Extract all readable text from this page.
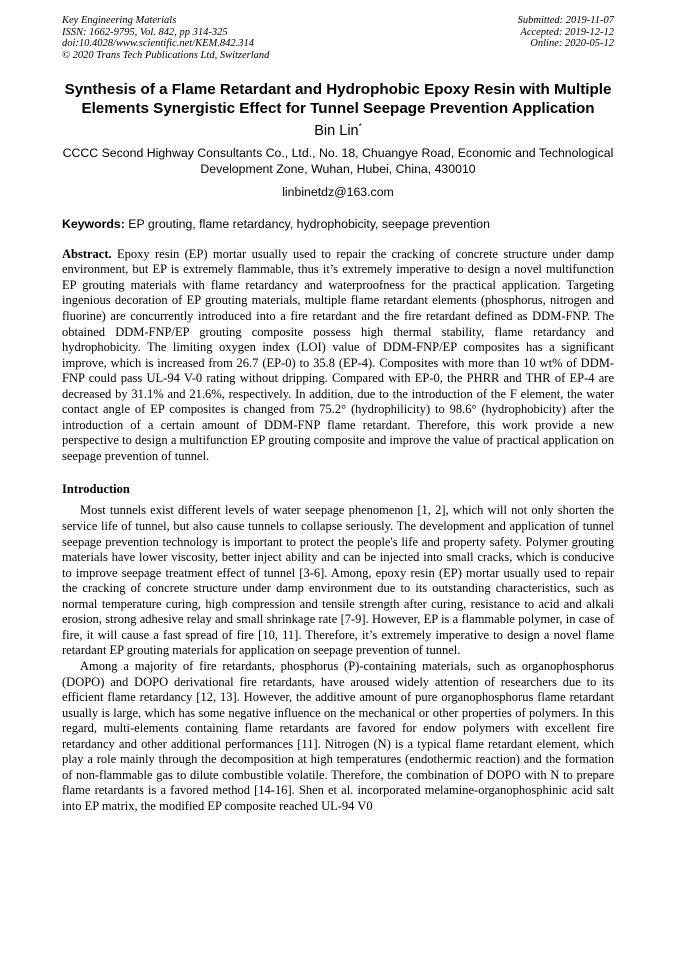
Key Engineering Materials
ISSN: 1662-9795, Vol. 842, pp 314-325
doi:10.4028/www.scientific.net/KEM.842.314
© 2020 Trans Tech Publications Ltd, Switzerland
Submitted: 2019-11-07
Accepted: 2019-12-12
Online: 2020-05-12
Synthesis of a Flame Retardant and Hydrophobic Epoxy Resin with Multiple Elements Synergistic Effect for Tunnel Seepage Prevention Application
Bin Lin*
CCCC Second Highway Consultants Co., Ltd., No. 18, Chuangye Road, Economic and Technological Development Zone, Wuhan, Hubei, China, 430010
linbinetdz@163.com
Keywords: EP grouting, flame retardancy, hydrophobicity, seepage prevention
Abstract. Epoxy resin (EP) mortar usually used to repair the cracking of concrete structure under damp environment, but EP is extremely flammable, thus it’s extremely imperative to design a novel multifunction EP grouting materials with flame retardancy and waterproofness for the practical application. Targeting ingenious decoration of EP grouting materials, multiple flame retardant elements (phosphorus, nitrogen and fluorine) are concurrently introduced into a fire retardant and the fire retardant defined as DDM-FNP. The obtained DDM-FNP/EP grouting composite possess high thermal stability, flame retardancy and hydrophobicity. The limiting oxygen index (LOI) value of DDM-FNP/EP composites has a significant improve, which is increased from 26.7 (EP-0) to 35.8 (EP-4). Composites with more than 10 wt% of DDM-FNP could pass UL-94 V-0 rating without dripping. Compared with EP-0, the PHRR and THR of EP-4 are decreased by 31.1% and 21.6%, respectively. In addition, due to the introduction of the F element, the water contact angle of EP composites is changed from 75.2° (hydrophilicity) to 98.6° (hydrophobicity) after the introduction of a certain amount of DDM-FNP flame retardant. Therefore, this work provide a new perspective to design a multifunction EP grouting composite and improve the value of practical application on seepage prevention of tunnel.
Introduction
Most tunnels exist different levels of water seepage phenomenon [1, 2], which will not only shorten the service life of tunnel, but also cause tunnels to collapse seriously. The development and application of tunnel seepage prevention technology is important to protect the people's life and property safety. Polymer grouting materials have lower viscosity, better inject ability and can be injected into small cracks, which is conducive to improve seepage treatment effect of tunnel [3-6]. Among, epoxy resin (EP) mortar usually used to repair the cracking of concrete structure under damp environment due to its outstanding characteristics, such as normal temperature curing, high compression and tensile strength after curing, resistance to acid and alkali erosion, strong adhesive relay and small shrinkage rate [7-9]. However, EP is a flammable polymer, in case of fire, it will cause a fast spread of fire [10, 11]. Therefore, it’s extremely imperative to design a novel flame retardant EP grouting materials for application on seepage prevention of tunnel.
Among a majority of fire retardants, phosphorus (P)-containing materials, such as organophosphorus (DOPO) and DOPO derivational fire retardants, have aroused widely attention of researchers due to its efficient flame retardancy [12, 13]. However, the additive amount of pure organophosphorus flame retardant usually is large, which has some negative influence on the mechanical or other properties of polymers. In this regard, multi-elements containing flame retardants are favored for endow polymers with excellent fire retardancy and other additional performances [11]. Nitrogen (N) is a typical flame retardant element, which play a role mainly through the decomposition at high temperatures (endothermic reaction) and the formation of non-flammable gas to dilute combustible volatile. Therefore, the combination of DOPO with N to prepare flame retardants is a favored method [14-16]. Shen et al. incorporated melamine-organophosphinic acid salt into EP matrix, the modified EP composite reached UL-94 V0
